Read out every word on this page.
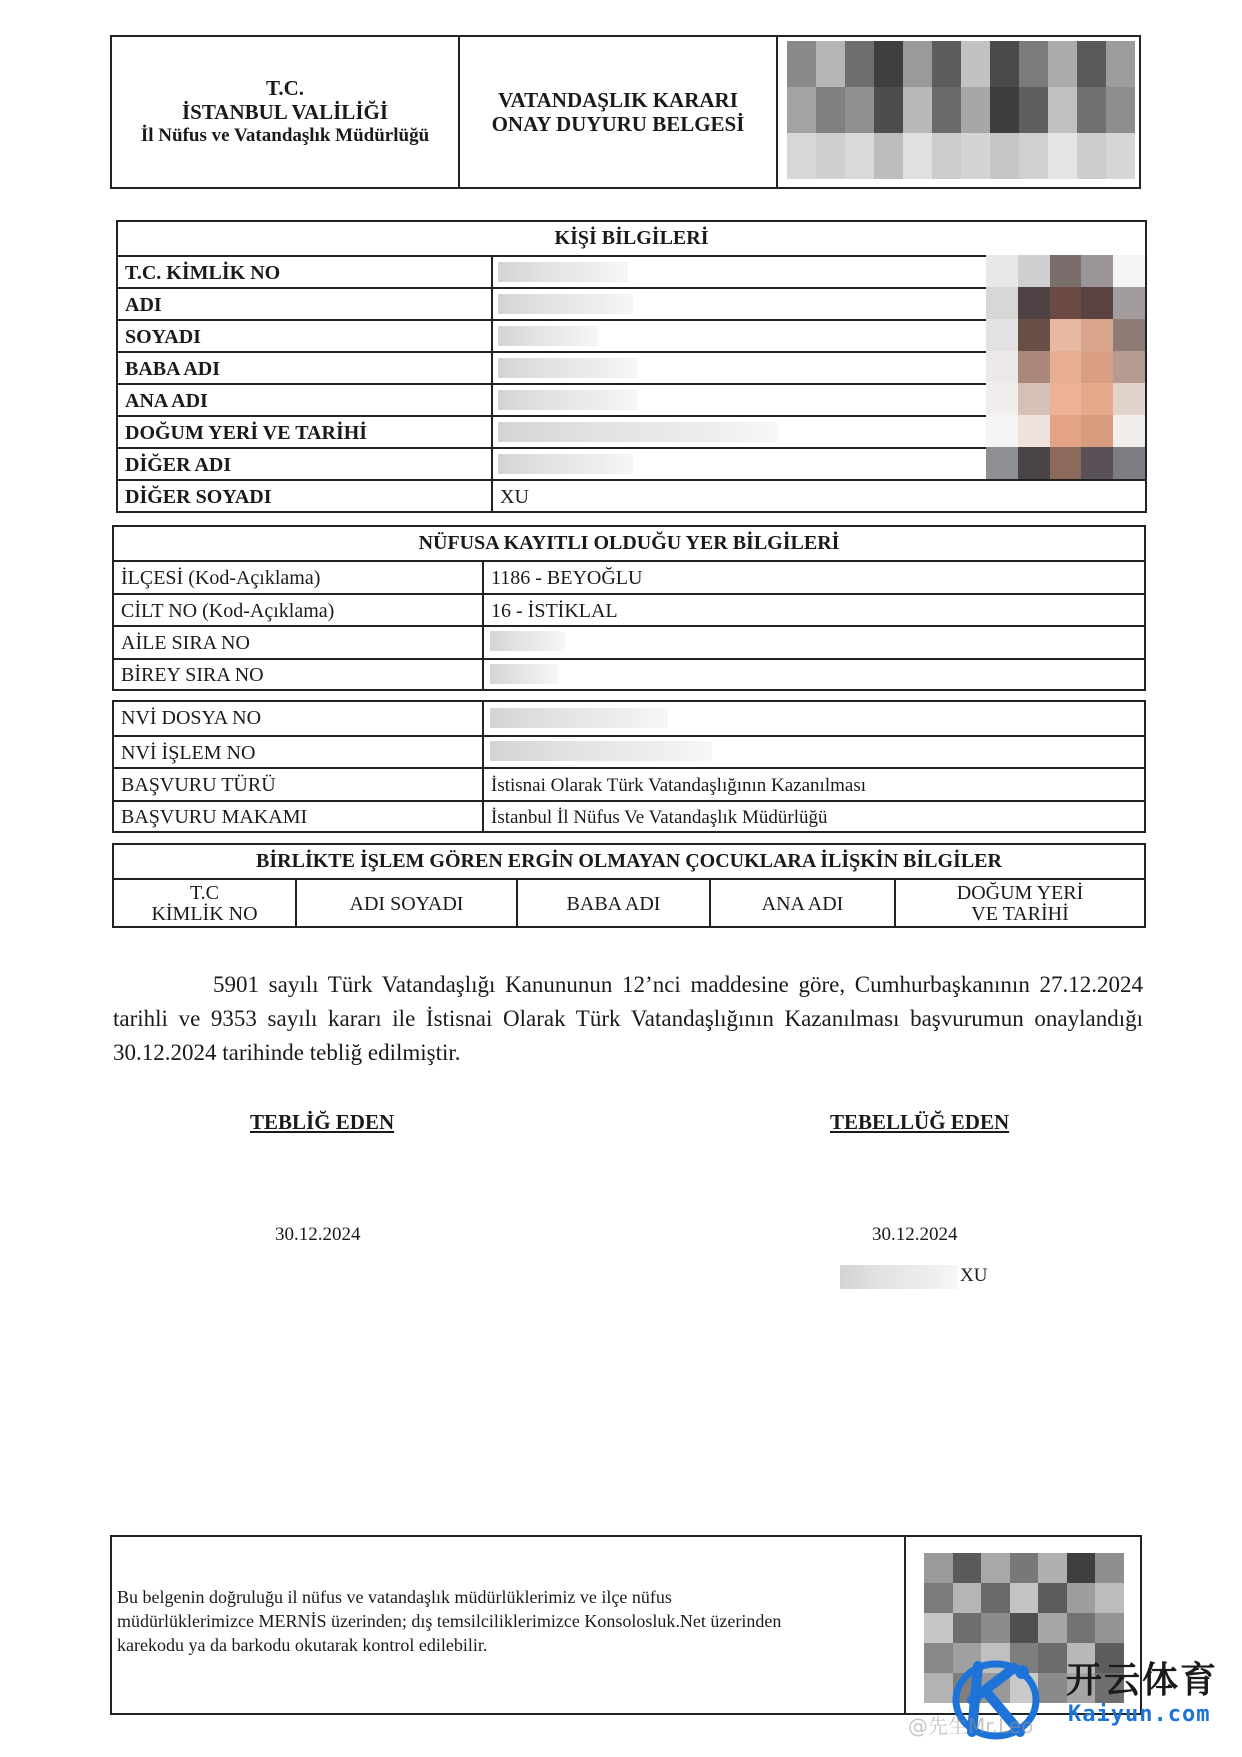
T.C.
İSTANBUL VALİLİĞİ
İl Nüfus ve Vatandaşlık Müdürlüğü
VATANDAŞLIK KARARI
ONAY DUYURU BELGESİ
KİŞİ BİLGİLERİ
T.C. KİMLİK NO
ADI
SOYADI
BABA ADI
ANA ADI
DOĞUM YERİ VE TARİHİ
DİĞER ADI
DİĞER SOYADI	XU
NÜFUSA KAYITLI OLDUĞU YER BİLGİLERİ
İLÇESİ (Kod-Açıklama)	1186 - BEYOĞLU
CİLT NO (Kod-Açıklama)	16 - İSTİKLAL
AİLE SIRA NO
BİREY SIRA NO
NVİ DOSYA NO
NVİ İŞLEM NO
BAŞVURU TÜRÜ	İstisnai Olarak Türk Vatandaşlığının Kazanılması
BAŞVURU MAKAMI	İstanbul İl Nüfus Ve Vatandaşlık Müdürlüğü
BİRLİKTE İŞLEM GÖREN ERGİN OLMAYAN ÇOCUKLARA İLİŞKİN BİLGİLER
T.C
KİMLİK NO	ADI SOYADI	BABA ADI	ANA ADI	DOĞUM YERİ
VE TARİHİ
5901 sayılı Türk Vatandaşlığı Kanununun 12’nci maddesine göre, Cumhurbaşkanının 27.12.2024 tarihli ve 9353 sayılı kararı ile İstisnai Olarak Türk Vatandaşlığının Kazanılması başvurumun onaylandığı 30.12.2024 tarihinde tebliğ edilmiştir.
TEBLİĞ EDEN	TEBELLÜĞ EDEN
30.12.2024	30.12.2024
XU
Bu belgenin doğruluğu il nüfus ve vatandaşlık müdürlüklerimiz ve ilçe nüfus
müdürlüklerimizce MERNİS üzerinden; dış temsilciliklerimizce Konsolosluk.Net üzerinden
karekodu ya da barkodu okutarak kontrol edilebilir.
@先生Mr.Leo
开云体育
Kaiyun.com
